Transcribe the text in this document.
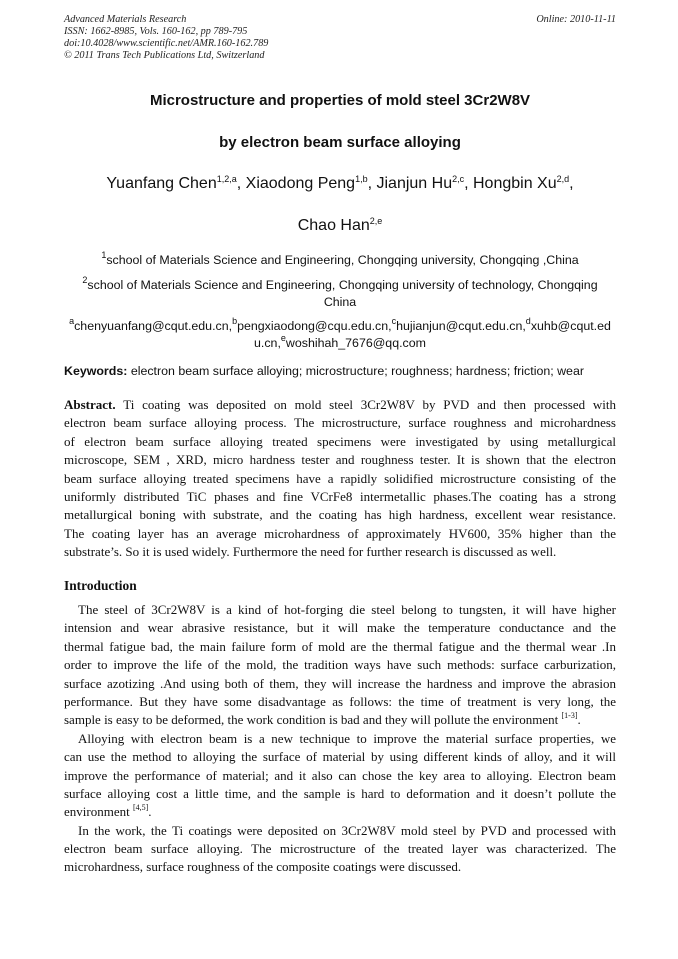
Advanced Materials Research
ISSN: 1662-8985, Vols. 160-162, pp 789-795
doi:10.4028/www.scientific.net/AMR.160-162.789
© 2011 Trans Tech Publications Ltd, Switzerland
Online: 2010-11-11
Microstructure and properties of mold steel 3Cr2W8V
by electron beam surface alloying
Yuanfang Chen$^{1,2,a}$, Xiaodong Peng$^{1,b}$, Jianjun Hu$^{2,c}$, Hongbin Xu$^{2,d}$,
Chao Han$^{2,e}$
$^1$school of Materials Science and Engineering, Chongqing university, Chongqing ,China
$^2$school of Materials Science and Engineering, Chongqing university of technology, Chongqing
China
$^a$chenyuanfang@cqut.edu.cn,$^b$pengxiaodong@cqu.edu.cn,$^c$hujianjun@cqut.edu.cn,$^d$xuhb@cqut.ed
u.cn,$^e$woshihah_7676@qq.com
Keywords: electron beam surface alloying; microstructure; roughness; hardness; friction; wear
Abstract. Ti coating was deposited on mold steel 3Cr2W8V by PVD and then processed with
electron beam surface alloying process. The microstructure, surface roughness and microhardness
of electron beam surface alloying treated specimens were investigated by using metallurgical
microscope, SEM , XRD, micro hardness tester and roughness tester. It is shown that the electron
beam surface alloying treated specimens have a rapidly solidified microstructure consisting of the
uniformly distributed TiC phases and fine VCrFe8 intermetallic phases.The coating has a strong
metallurgical boning with substrate, and the coating has high hardness, excellent wear resistance.
The coating layer has an average microhardness of approximately HV600, 35% higher than the
substrate’s. So it is used widely. Furthermore the need for further research is discussed as well.
Introduction
The steel of 3Cr2W8V is a kind of hot-forging die steel belong to tungsten, it will have higher
intension and wear abrasive resistance, but it will make the temperature conductance and the
thermal fatigue bad, the main failure form of mold are the thermal fatigue and the thermal wear .In
order to improve the life of the mold, the tradition ways have such methods: surface carburization,
surface azotizing .And using both of them, they will increase the hardness and improve the abrasion
performance. But they have some disadvantage as follows: the time of treatment is very long, the
sample is easy to be deformed, the work condition is bad and they will pollute the environment [1-3].
Alloying with electron beam is a new technique to improve the material surface properties, we
can use the method to alloying the surface of material by using different kinds of alloy, and it will
improve the performance of material; and it also can chose the key area to alloying. Electron beam
surface alloying cost a little time, and the sample is hard to deformation and it doesn’t pollute the
environment [4,5].
In the work, the Ti coatings were deposited on 3Cr2W8V mold steel by PVD and processed with
electron beam surface alloying. The microstructure of the treated layer was characterized. The
microhardness, surface roughness of the composite coatings were discussed.
